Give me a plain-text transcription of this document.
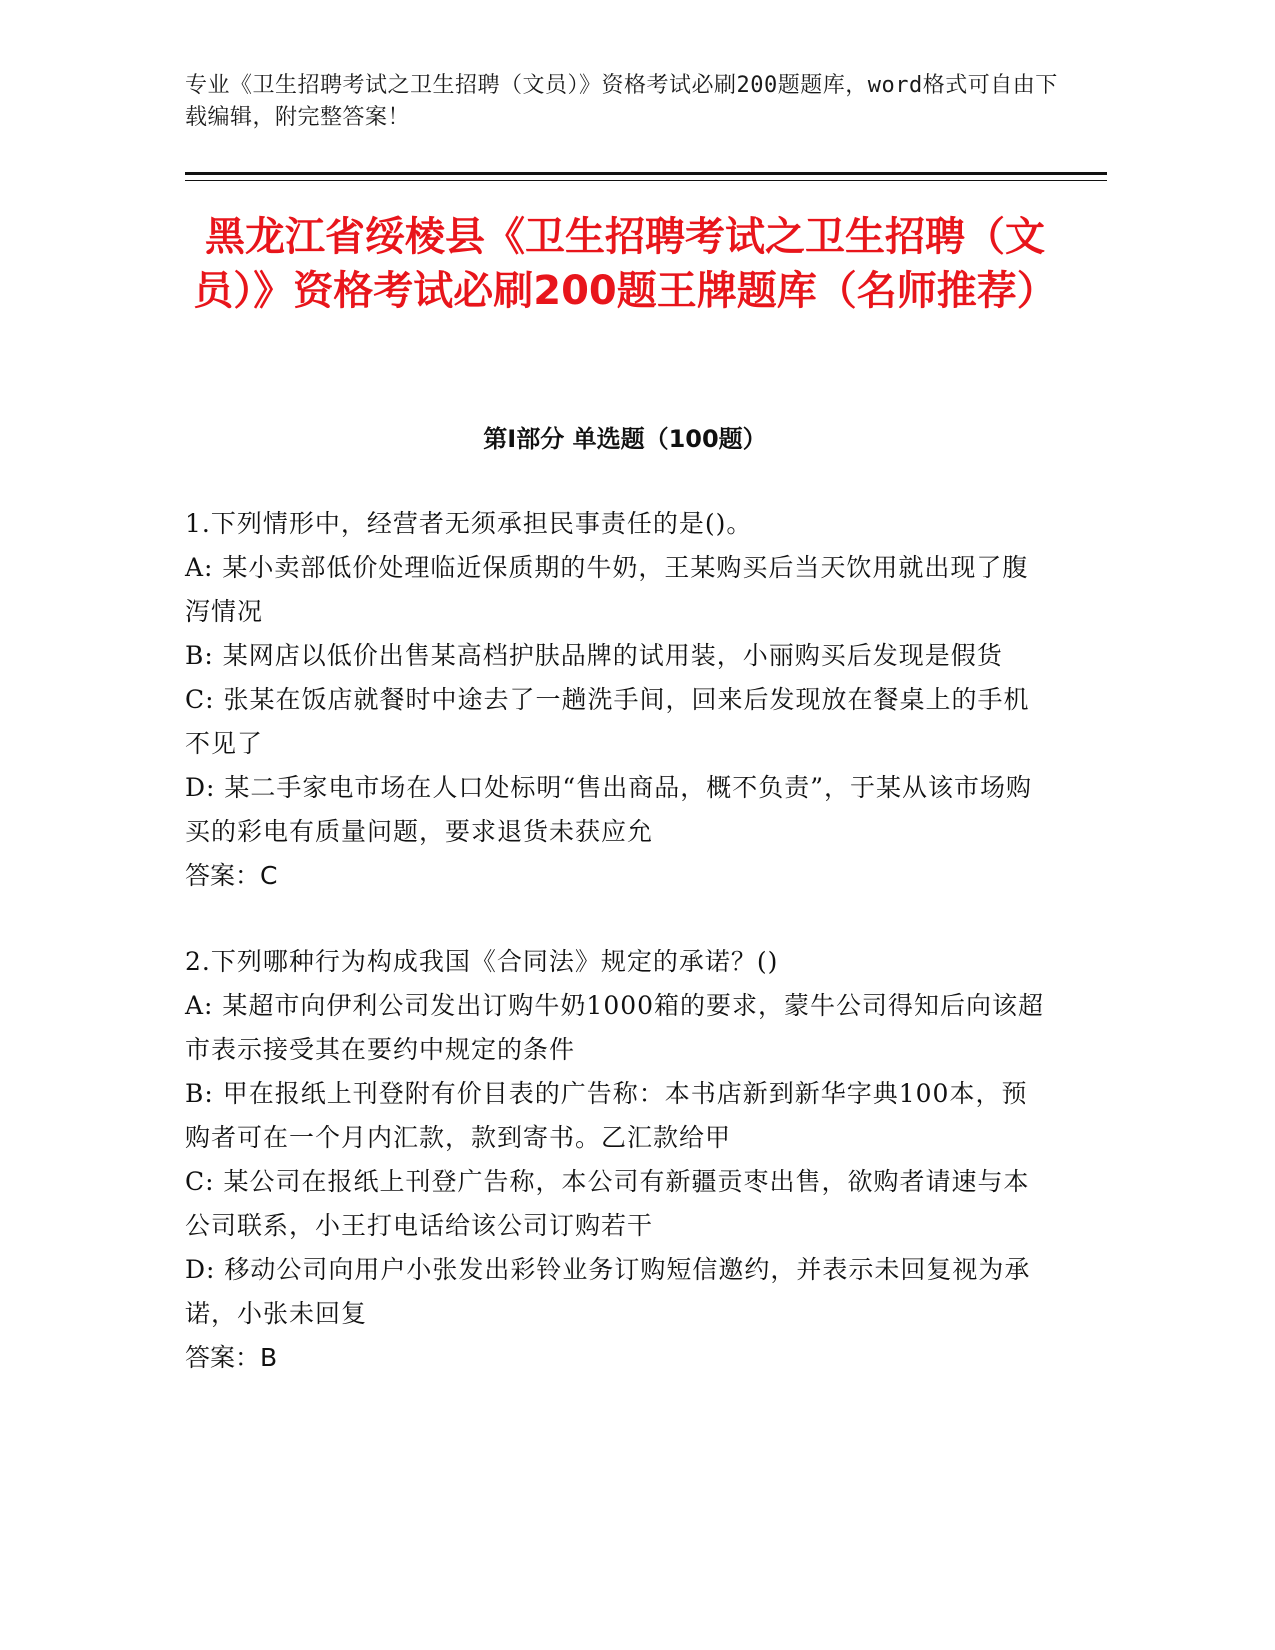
专业《卫生招聘考试之卫生招聘（文员）》资格考试必刷200题题库，word格式可自由下载编辑，附完整答案！
黑龙江省绥棱县《卫生招聘考试之卫生招聘（文员）》资格考试必刷200题王牌题库（名师推荐）
第I部分 单选题（100题）
1.下列情形中，经营者无须承担民事责任的是()。
A: 某小卖部低价处理临近保质期的牛奶，王某购买后当天饮用就出现了腹泻情况
B: 某网店以低价出售某高档护肤品牌的试用装，小丽购买后发现是假货
C: 张某在饭店就餐时中途去了一趟洗手间，回来后发现放在餐桌上的手机不见了
D: 某二手家电市场在人口处标明“售出商品，概不负责”，于某从该市场购买的彩电有质量问题，要求退货未获应允
答案：C
2.下列哪种行为构成我国《合同法》规定的承诺？()
A: 某超市向伊利公司发出订购牛奶1000箱的要求，蒙牛公司得知后向该超市表示接受其在要约中规定的条件
B: 甲在报纸上刊登附有价目表的广告称：本书店新到新华字典100本，预购者可在一个月内汇款，款到寄书。乙汇款给甲
C: 某公司在报纸上刊登广告称，本公司有新疆贡枣出售，欲购者请速与本公司联系，小王打电话给该公司订购若干
D: 移动公司向用户小张发出彩铃业务订购短信邀约，并表示未回复视为承诺，小张未回复
答案：B
